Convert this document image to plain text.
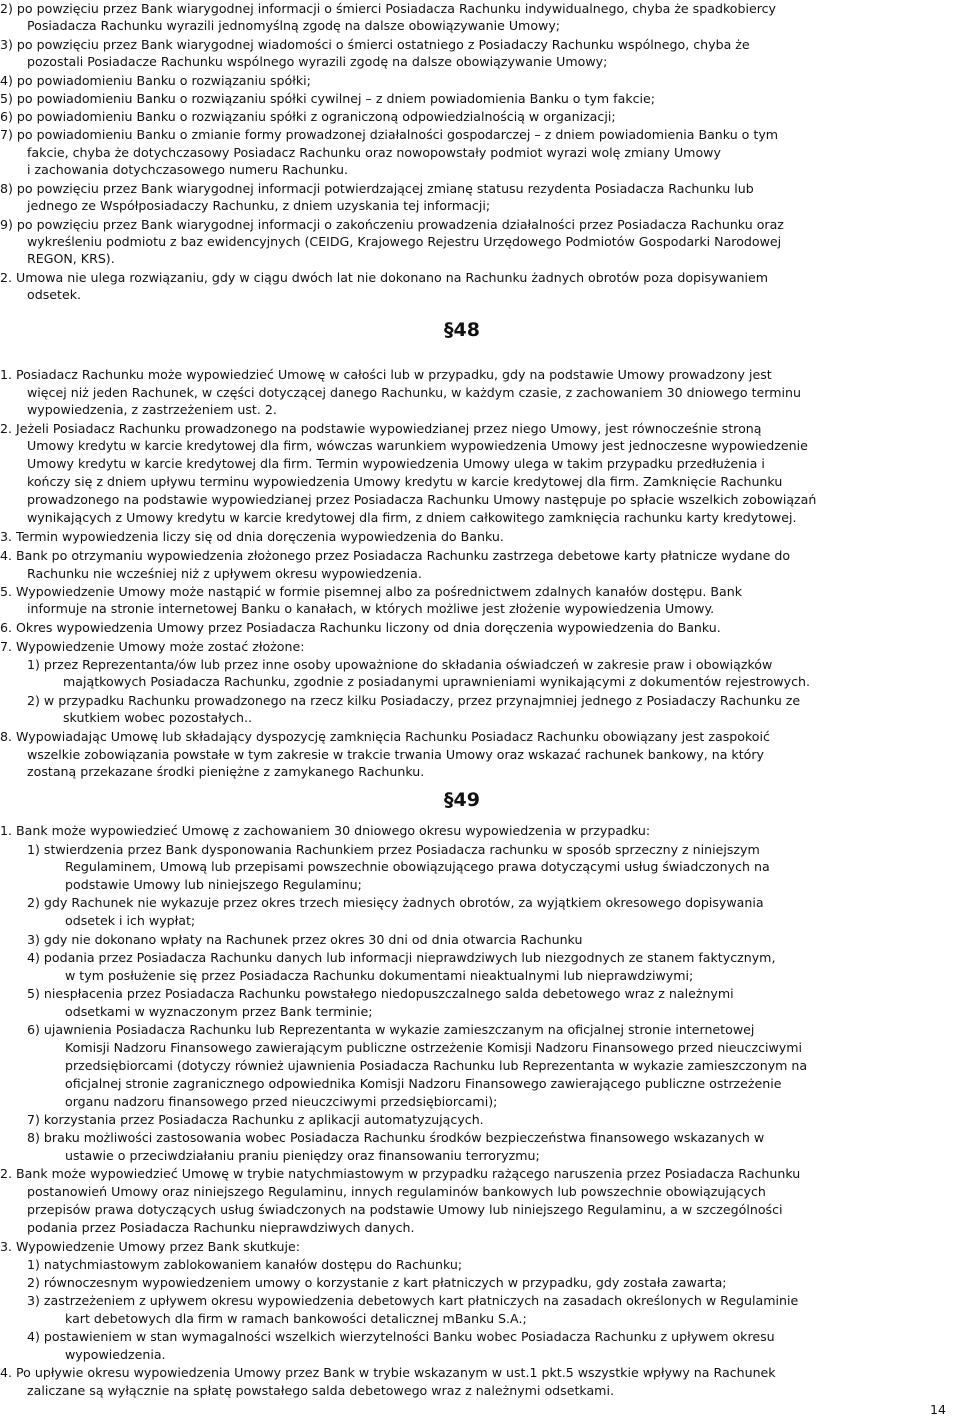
2) po powzięciu przez Bank wiarygodnej informacji o śmierci Posiadacza Rachunku indywidualnego, chyba że spadkobiercy
Posiadacza Rachunku wyrazili jednomyślną zgodę na dalsze obowiązywanie Umowy;
3) po powzięciu przez Bank wiarygodnej wiadomości o śmierci ostatniego z Posiadaczy Rachunku wspólnego, chyba że
pozostali Posiadacze Rachunku wspólnego wyrazili zgodę na dalsze obowiązywanie Umowy;
4) po powiadomieniu Banku o rozwiązaniu spółki;
5) po powiadomieniu Banku o rozwiązaniu spółki cywilnej – z dniem powiadomienia Banku o tym fakcie;
6) po powiadomieniu Banku o rozwiązaniu spółki z ograniczoną odpowiedzialnością w organizacji;
7) po powiadomieniu Banku o zmianie formy prowadzonej działalności gospodarczej – z dniem powiadomienia Banku o tym
fakcie, chyba że dotychczasowy Posiadacz Rachunku oraz nowopowstały podmiot wyrazi wolę zmiany Umowy
i zachowania dotychczasowego numeru Rachunku.
8) po powzięciu przez Bank wiarygodnej informacji potwierdzającej zmianę statusu rezydenta Posiadacza Rachunku lub
jednego ze Współposiadaczy Rachunku, z dniem uzyskania tej informacji;
9) po powzięciu przez Bank wiarygodnej informacji o zakończeniu prowadzenia działalności przez Posiadacza Rachunku oraz
wykreśleniu podmiotu z baz ewidencyjnych (CEIDG, Krajowego Rejestru Urzędowego Podmiotów Gospodarki Narodowej
REGON, KRS).
2. Umowa nie ulega rozwiązaniu, gdy w ciągu dwóch lat nie dokonano na Rachunku żadnych obrotów poza dopisywaniem
odsetek.
§48
1. Posiadacz Rachunku może wypowiedzieć Umowę w całości lub w przypadku, gdy na podstawie Umowy prowadzony jest
więcej niż jeden Rachunek, w części dotyczącej danego Rachunku, w każdym czasie, z zachowaniem 30 dniowego terminu
wypowiedzenia, z zastrzeżeniem ust. 2.
2. Jeżeli Posiadacz Rachunku prowadzonego na podstawie wypowiedzianej przez niego Umowy, jest równocześnie stroną
Umowy kredytu w karcie kredytowej dla firm, wówczas warunkiem wypowiedzenia Umowy jest jednoczesne wypowiedzenie
Umowy kredytu w karcie kredytowej dla firm. Termin wypowiedzenia Umowy ulega w takim przypadku przedłużenia i
kończy się z dniem upływu terminu wypowiedzenia Umowy kredytu w karcie kredytowej dla firm. Zamknięcie Rachunku
prowadzonego na podstawie wypowiedzianej przez Posiadacza Rachunku Umowy następuje po spłacie wszelkich zobowiązań
wynikających z Umowy kredytu w karcie kredytowej dla firm, z dniem całkowitego zamknięcia rachunku karty kredytowej.
3. Termin wypowiedzenia liczy się od dnia doręczenia wypowiedzenia do Banku.
4. Bank po otrzymaniu wypowiedzenia złożonego przez Posiadacza Rachunku zastrzega debetowe karty płatnicze wydane do
Rachunku nie wcześniej niż z upływem okresu wypowiedzenia.
5. Wypowiedzenie Umowy może nastąpić w formie pisemnej albo za pośrednictwem zdalnych kanałów dostępu. Bank
informuje na stronie internetowej Banku o kanałach, w których możliwe jest złożenie wypowiedzenia Umowy.
6. Okres wypowiedzenia Umowy przez Posiadacza Rachunku liczony od dnia doręczenia wypowiedzenia do Banku.
7. Wypowiedzenie Umowy może zostać złożone:
1) przez Reprezentanta/ów lub przez inne osoby upoważnione do składania oświadczeń w zakresie praw i obowiązków
majątkowych Posiadacza Rachunku, zgodnie z posiadanymi uprawnieniami wynikającymi z dokumentów rejestrowych.
2) w przypadku Rachunku prowadzonego na rzecz kilku Posiadaczy, przez przynajmniej jednego z Posiadaczy Rachunku ze
skutkiem wobec pozostałych..
8. Wypowiadając Umowę lub składający dyspozycję zamknięcia Rachunku Posiadacz Rachunku obowiązany jest zaspokoić
wszelkie zobowiązania powstałe w tym zakresie w trakcie trwania Umowy oraz wskazać rachunek bankowy, na który
zostaną przekazane środki pieniężne z zamykanego Rachunku.
§49
1. Bank może wypowiedzieć Umowę z zachowaniem 30 dniowego okresu wypowiedzenia w przypadku:
1) stwierdzenia przez Bank dysponowania Rachunkiem przez Posiadacza rachunku w sposób sprzeczny z niniejszym
Regulaminem, Umową lub przepisami powszechnie obowiązującego prawa dotyczącymi usług świadczonych na
podstawie Umowy lub niniejszego Regulaminu;
2) gdy Rachunek nie wykazuje przez okres trzech miesięcy żadnych obrotów, za wyjątkiem okresowego dopisywania
odsetek i ich wypłat;
3) gdy nie dokonano wpłaty na Rachunek przez okres 30 dni od dnia otwarcia Rachunku
4) podania przez Posiadacza Rachunku danych lub informacji nieprawdziwych lub niezgodnych ze stanem faktycznym,
w tym posłużenie się przez Posiadacza Rachunku dokumentami nieaktualnymi lub nieprawdziwymi;
5) niespłacenia przez Posiadacza Rachunku powstałego niedopuszczalnego salda debetowego wraz z należnymi
odsetkami w wyznaczonym przez Bank terminie;
6) ujawnienia Posiadacza Rachunku lub Reprezentanta w wykazie zamieszczanym na oficjalnej stronie internetowej
Komisji Nadzoru Finansowego zawierającym publiczne ostrzeżenie Komisji Nadzoru Finansowego przed nieuczciwymi
przedsiębiorcami (dotyczy również ujawnienia Posiadacza Rachunku lub Reprezentanta w wykazie zamieszczonym na
oficjalnej stronie zagranicznego odpowiednika Komisji Nadzoru Finansowego zawierającego publiczne ostrzeżenie
organu nadzoru finansowego przed nieuczciwymi przedsiębiorcami);
7) korzystania przez Posiadacza Rachunku z aplikacji automatyzujących.
8) braku możliwości zastosowania wobec Posiadacza Rachunku środków bezpieczeństwa finansowego wskazanych w
ustawie o przeciwdziałaniu praniu pieniędzy oraz finansowaniu terroryzmu;
2. Bank może wypowiedzieć Umowę w trybie natychmiastowym w przypadku rażącego naruszenia przez Posiadacza Rachunku
postanowień Umowy oraz niniejszego Regulaminu, innych regulaminów bankowych lub powszechnie obowiązujących
przepisów prawa dotyczących usług świadczonych na podstawie Umowy lub niniejszego Regulaminu, a w szczególności
podania przez Posiadacza Rachunku nieprawdziwych danych.
3. Wypowiedzenie Umowy przez Bank skutkuje:
1) natychmiastowym zablokowaniem kanałów dostępu do Rachunku;
2) równoczesnym wypowiedzeniem umowy o korzystanie z kart płatniczych w przypadku, gdy została zawarta;
3) zastrzeżeniem z upływem okresu wypowiedzenia debetowych kart płatniczych na zasadach określonych w Regulaminie
kart debetowych dla firm w ramach bankowości detalicznej mBanku S.A.;
4) postawieniem w stan wymagalności wszelkich wierzytelności Banku wobec Posiadacza Rachunku z upływem okresu
wypowiedzenia.
4. Po upływie okresu wypowiedzenia Umowy przez Bank w trybie wskazanym w ust.1 pkt.5 wszystkie wpływy na Rachunek
zaliczane są wyłącznie na spłatę powstałego salda debetowego wraz z należnymi odsetkami.
14
